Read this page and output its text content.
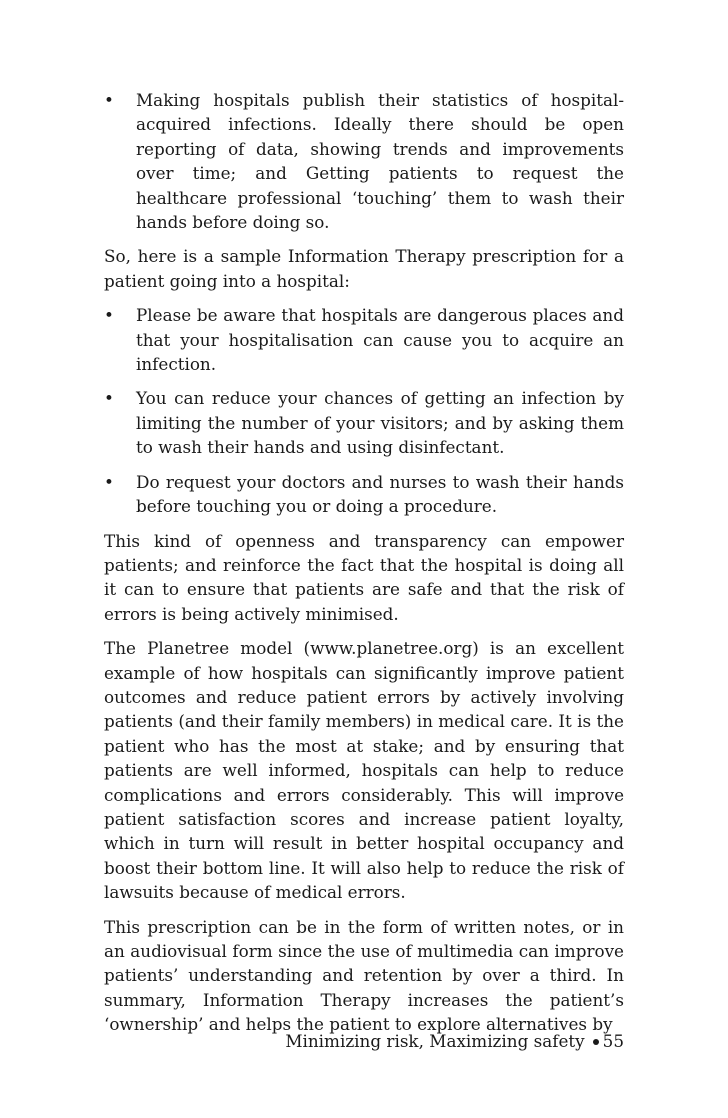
•	Making hospitals publish their statistics of hospital-acquired infections. Ideally there should be open reporting of data, showing trends and improvements over time; and Getting patients to request the healthcare professional ‘touching’ them to wash their hands before doing so.

So, here is a sample Information Therapy prescription for a patient going into a hospital:

•	Please be aware that hospitals are dangerous places and that your hospitalisation can cause you to acquire an infection.
•	You can reduce your chances of getting an infection by limiting the number of your visitors; and by asking them to wash their hands and using disinfectant.
•	Do request your doctors and nurses to wash their hands before touching you or doing a procedure.

This kind of openness and transparency can empower patients; and reinforce the fact that the hospital is doing all it can to ensure that patients are safe and that the risk of errors is being actively minimised.

The Planetree model (www.planetree.org) is an excellent example of how hospitals can significantly improve patient outcomes and reduce patient errors by actively involving patients (and their family members) in medical care. It is the patient who has the most at stake; and by ensuring that patients are well informed, hospitals can help to reduce complications and errors considerably. This will improve patient satisfaction scores and increase patient loyalty, which in turn will result in better hospital occupancy and boost their bottom line. It will also help to reduce the risk of lawsuits because of medical errors.

This prescription can be in the form of written notes, or in an audiovisual form since the use of multimedia can improve patients’ understanding and retention by over a third. In summary, Information Therapy increases the patient’s ‘ownership’ and helps the patient to explore alternatives by

Minimizing risk, Maximizing safety 55
